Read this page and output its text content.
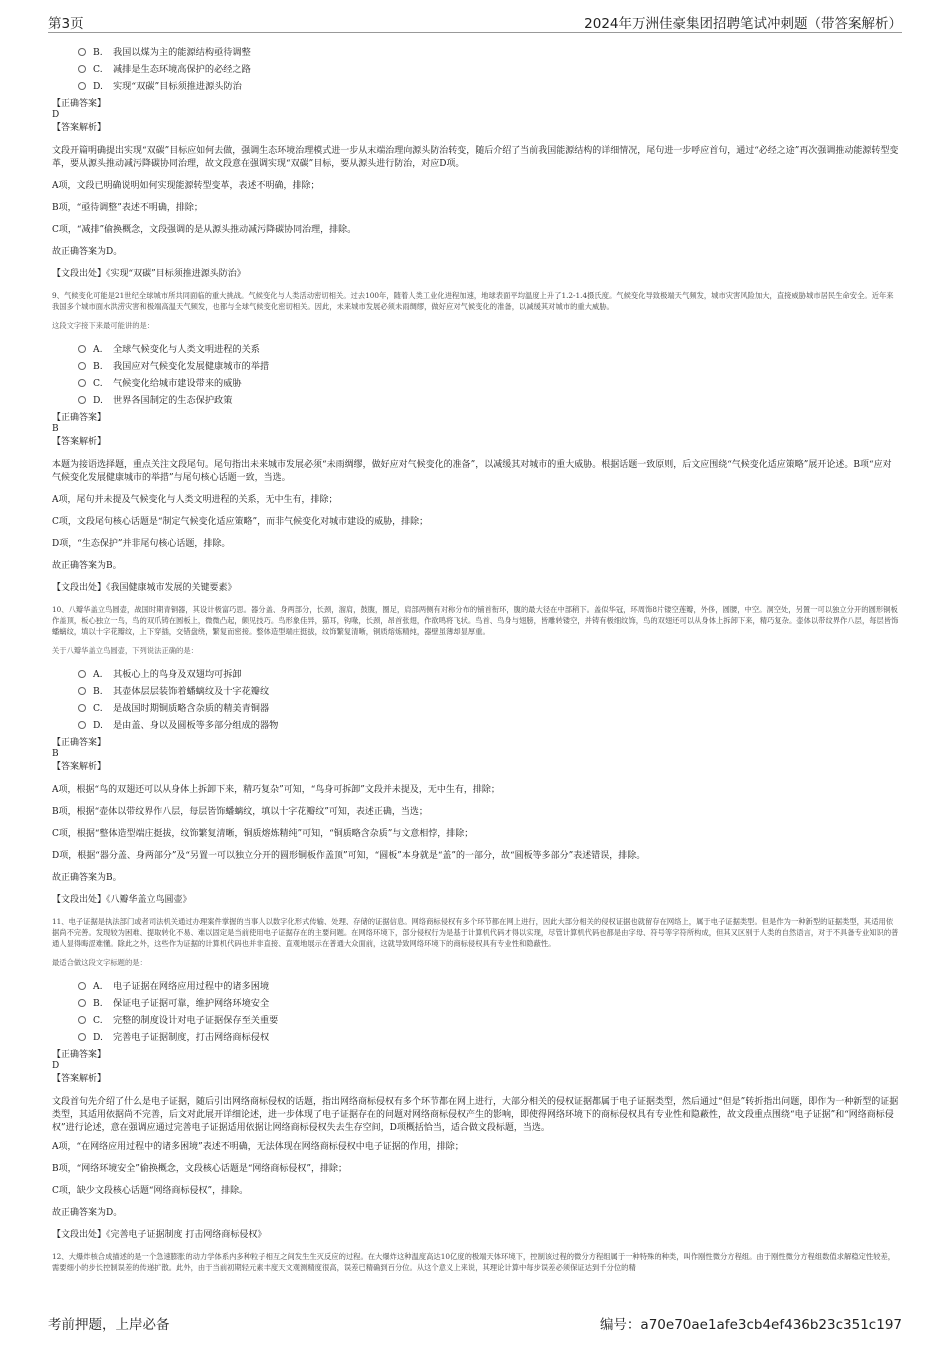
第3页	2024年万洲佳豪集团招聘笔试冲刺题（带答案解析）
B. 我国以煤为主的能源结构亟待调整
C. 减排是生态环境高保护的必经之路
D. 实现“双碳”目标须推进源头防治
【正确答案】
D
【答案解析】

文段开篇明确提出实现“双碳”目标应如何去做，强调生态环境治理模式进一步从末端治理向源头防治转变，随后介绍了当前我国能源结构的详细情况，尾句进一步呼应首句，通过“必经之途”再次强调推动能源转型变革，要从源头推动减污降碳协同治理，故文段意在强调实现“双碳”目标，要从源头进行防治，对应D项。

A项，文段已明确说明如何实现能源转型变革，表述不明确，排除；

B项，“亟待调整”表述不明确，排除；

C项，“减排”偷换概念，文段强调的是从源头推动减污降碳协同治理，排除。

故正确答案为D。

【文段出处】《实现“双碳”目标须推进源头防治》

9、气候变化可能是21世纪全球城市所共同面临的重大挑战。气候变化与人类活动密切相关。过去100年，随着人类工业化进程加速，地球表面平均温度上升了1.2-1.4摄氏度。气候变化导致极端天气频发，城市灾害风险加大，直接威胁城市居民生命安全。近年来我国多个城市面水洪涝灾害和极端高温天气频发，也都与全球气候变化密切相关。因此，未来城市发展必须未雨绸缪，做好应对气候变化的准备，以减缓其对城市的重大威胁。

这段文字接下来最可能讲的是：

A. 全球气候变化与人类文明进程的关系
B. 我国应对气候变化发展健康城市的举措
C. 气候变化给城市建设带来的威胁
D. 世界各国制定的生态保护政策
【正确答案】
B
【答案解析】

本题为接语选择题，重点关注文段尾句。尾句指出未来城市发展必须“未雨绸缪，做好应对气候变化的准备”，以减缓其对城市的重大威胁。根据话题一致原则，后文应围绕“气候变化适应策略”展开论述。B项“应对气候变化发展健康城市的举措”与尾句核心话题一致，当选。

A项，尾句并未提及气候变化与人类文明进程的关系，无中生有，排除；

C项，文段尾句核心话题是“制定气候变化适应策略”，而非气候变化对城市建设的威胁，排除；

D项，“生态保护”并非尾句核心话题，排除。

故正确答案为B。

【文段出处】《我国健康城市发展的关键要素》

10、八瓣华盖立鸟圆壶，战国时期青铜器，其设计极富巧思。器分盖、身两部分，长颈，溜肩，鼓腹，圈足，肩部两侧有对称分布的铺首衔环，腹的最大径在中部稍下。盖似华冠，环周饰8片镂空莲瓣，外侈，圆腰，中空。洞空处，另置一可以独立分开的圆形铜板作盖顶，板心独立一鸟，鸟的双爪铸在圆板上，微微凸起，颇见技巧。鸟形象佳异，猫耳，钩喙，长颈，昂首张翅，作欲鸣将飞状。鸟首、鸟身与翅膀，皆雕转镂空，并铸有极细纹饰，鸟的双翅还可以从身体上拆卸下来，精巧复杂。壶体以带纹界作八层，每层皆饰蟠螭纹，填以十字花瓣纹，上下穿插，交错盘绕，繁复而密接。整体造型端庄挺拔，纹饰繁复清晰，铜质熔炼精纯，器壁虽薄却显厚重。

关于八瓣华盖立鸟圆壶，下列说法正确的是：

A. 其板心上的鸟身及双翅均可拆卸
B. 其壶体层层装饰着蟠螭纹及十字花瓣纹
C. 是战国时期铜质略含杂质的精美青铜器
D. 是由盖、身以及圆板等多部分组成的器物
【正确答案】
B
【答案解析】

A项，根据“鸟的双翅还可以从身体上拆卸下来，精巧复杂”可知，“鸟身可拆卸”文段并未提及，无中生有，排除；

B项，根据“壶体以带纹界作八层，每层皆饰蟠螭纹，填以十字花瓣纹”可知，表述正确，当选；

C项，根据“整体造型端庄挺拔，纹饰繁复清晰，铜质熔炼精纯”可知，“铜质略含杂质”与文意相悖，排除；

D项，根据“器分盖、身两部分”及“另置一可以独立分开的圆形铜板作盖顶”可知，“圆板”本身就是“盖”的一部分，故“圆板等多部分”表述错误，排除。

故正确答案为B。

【文段出处】《八瓣华盖立鸟圆壶》

11、电子证据是执法部门或者司法机关通过办理案件掌握的当事人以数字化形式传输、处理、存储的证据信息。网络商标侵权有多个环节都在网上进行，因此大部分相关的侵权证据也就留存在网络上，属于电子证据类型。但是作为一种新型的证据类型，其适用依据尚不完善。发现较为困难、提取转化不易、难以固定是当前使用电子证据存在的主要问题。在网络环境下，部分侵权行为是基于计算机代码才得以实现，尽管计算机代码也都是由字母、符号等字符所构成，但其又区别于人类的自然语言，对于不具备专业知识的普通人显得晦涩难懂。除此之外，这些作为证据的计算机代码也并非直接、直观地展示在普通大众面前，这就导致网络环境下的商标侵权具有专业性和隐蔽性。

最适合做这段文字标题的是：

A. 电子证据在网络应用过程中的诸多困境
B. 保证电子证据可靠，维护网络环境安全
C. 完整的制度设计对电子证据保存至关重要
D. 完善电子证据制度，打击网络商标侵权
【正确答案】
D
【答案解析】

文段首句先介绍了什么是电子证据，随后引出网络商标侵权的话题，指出网络商标侵权有多个环节都在网上进行，大部分相关的侵权证据都属于电子证据类型，然后通过“但是”转折指出问题，即作为一种新型的证据类型，其适用依据尚不完善，后文对此展开详细论述，进一步体现了电子证据存在的问题对网络商标侵权产生的影响，即使得网络环境下的商标侵权具有专业性和隐蔽性，故文段重点围绕“电子证据”和“网络商标侵权”进行论述，意在强调应通过完善电子证据适用依据让网络商标侵权失去生存空间，D项概括恰当，适合做文段标题，当选。

A项，“在网络应用过程中的诸多困境”表述不明确，无法体现在网络商标侵权中电子证据的作用，排除；

B项，“网络环境安全”偷换概念，文段核心话题是“网络商标侵权”，排除；

C项，缺少文段核心话题“网络商标侵权”，排除。

故正确答案为D。

【文段出处】《完善电子证据制度 打击网络商标侵权》

12、大爆炸核合成描述的是一个急速膨胀的动力学体系内多种粒子相互之间发生生灭反应的过程。在大爆炸这种温度高达10亿度的极端天体环境下，控制该过程的微分方程组属于一种特殊的种类，叫作刚性微分方程组。由于刚性微分方程组数值求解稳定性较差，需要细小的步长控制误差的传递扩散。此外，由于当前初期轻元素丰度天文观测精度很高，误差已精确到百分位。从这个意义上来说，其理论计算中每步误差必须保证达到千分位的精

考前押题，上岸必备	编号：a70e70ae1afe3cb4ef436b23c351c197
